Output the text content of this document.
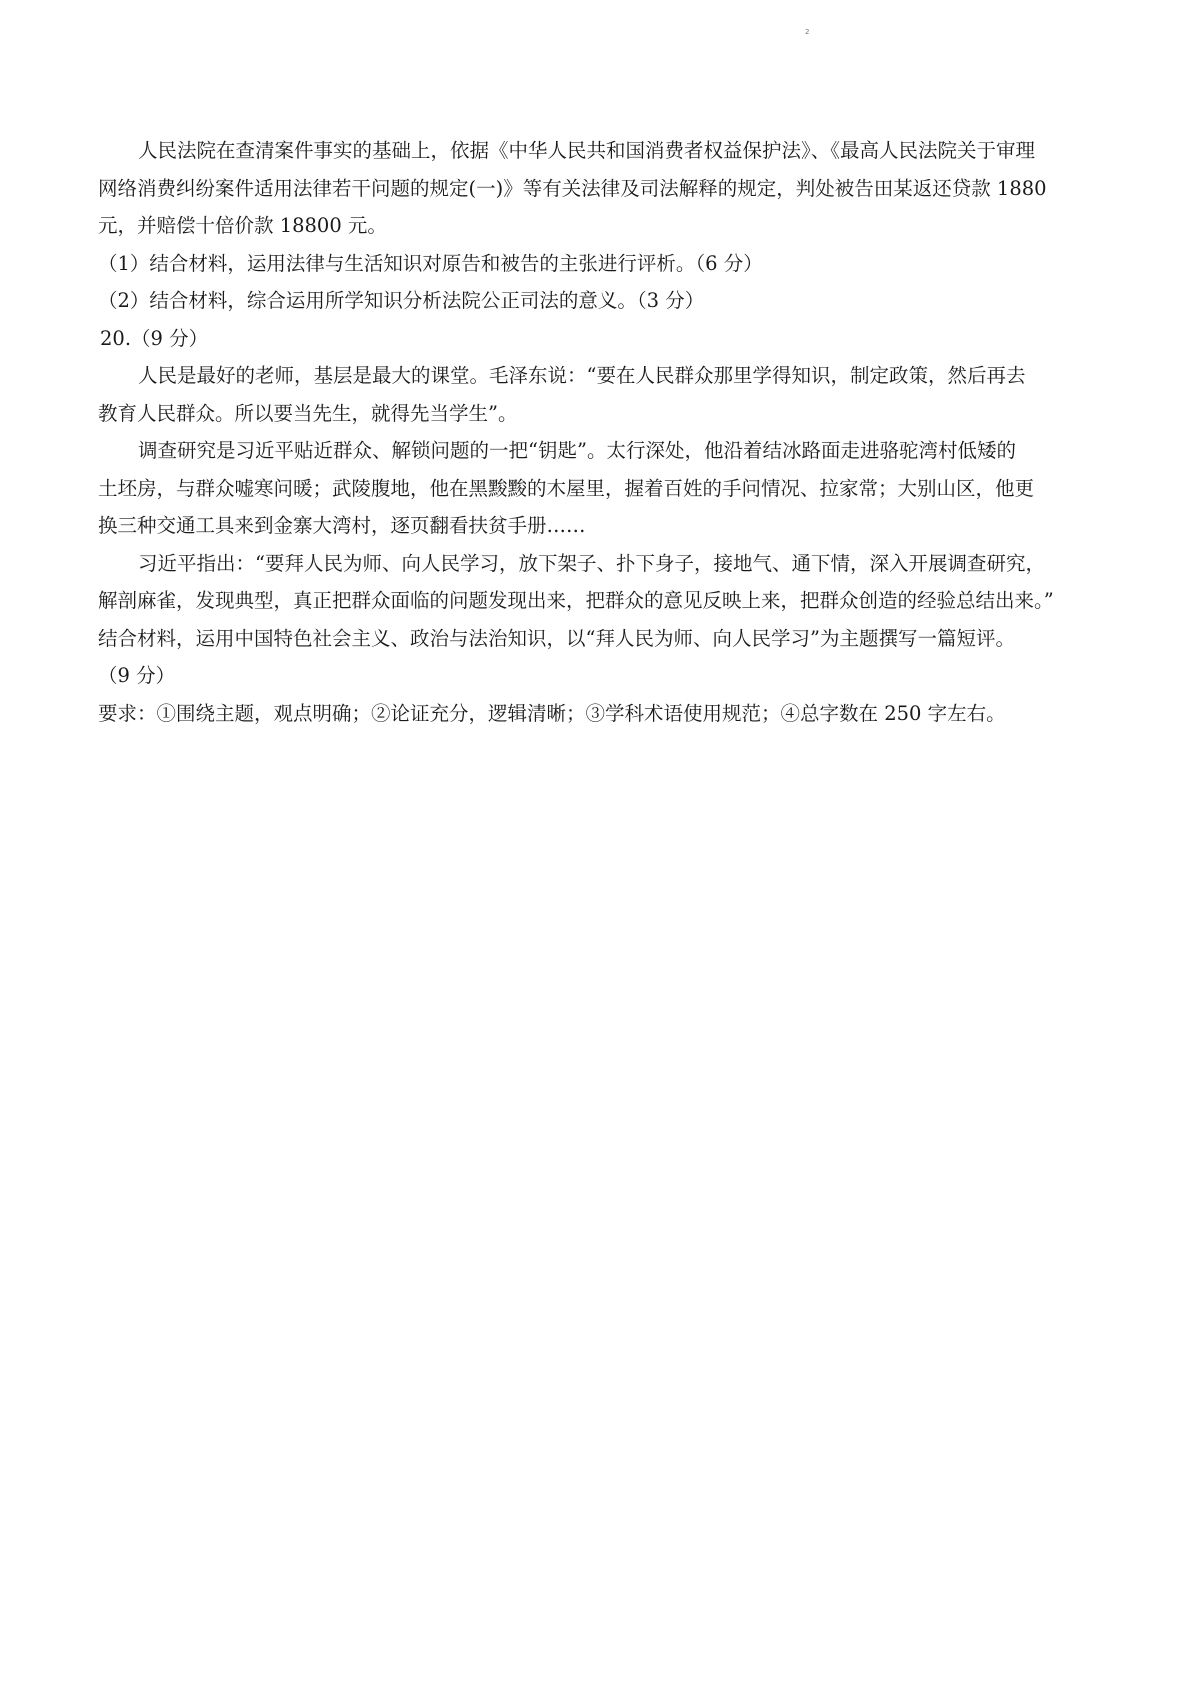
2
人民法院在查清案件事实的基础上，依据《中华人民共和国消费者权益保护法》、《最高人民法院关于审理
网络消费纠纷案件适用法律若干问题的规定(一)》等有关法律及司法解释的规定，判处被告田某返还贷款 1880
元，并赔偿十倍价款 18800 元。
（1）结合材料，运用法律与生活知识对原告和被告的主张进行评析。（6 分）
（2）结合材料，综合运用所学知识分析法院公正司法的意义。（3 分）
20.（9 分）
人民是最好的老师，基层是最大的课堂。毛泽东说：“要在人民群众那里学得知识，制定政策，然后再去
教育人民群众。所以要当先生，就得先当学生”。
调查研究是习近平贴近群众、解锁问题的一把“钥匙”。太行深处，他沿着结冰路面走进骆驼湾村低矮的
土坯房，与群众嘘寒问暖；武陵腹地，他在黑黢黢的木屋里，握着百姓的手问情况、拉家常；大别山区，他更
换三种交通工具来到金寨大湾村，逐页翻看扶贫手册……
习近平指出：“要拜人民为师、向人民学习，放下架子、扑下身子，接地气、通下情，深入开展调查研究，
解剖麻雀，发现典型，真正把群众面临的问题发现出来，把群众的意见反映上来，把群众创造的经验总结出来。”
结合材料，运用中国特色社会主义、政治与法治知识，以“拜人民为师、向人民学习”为主题撰写一篇短评。
（9 分）
要求：①围绕主题，观点明确；②论证充分，逻辑清晰；③学科术语使用规范；④总字数在 250 字左右。
